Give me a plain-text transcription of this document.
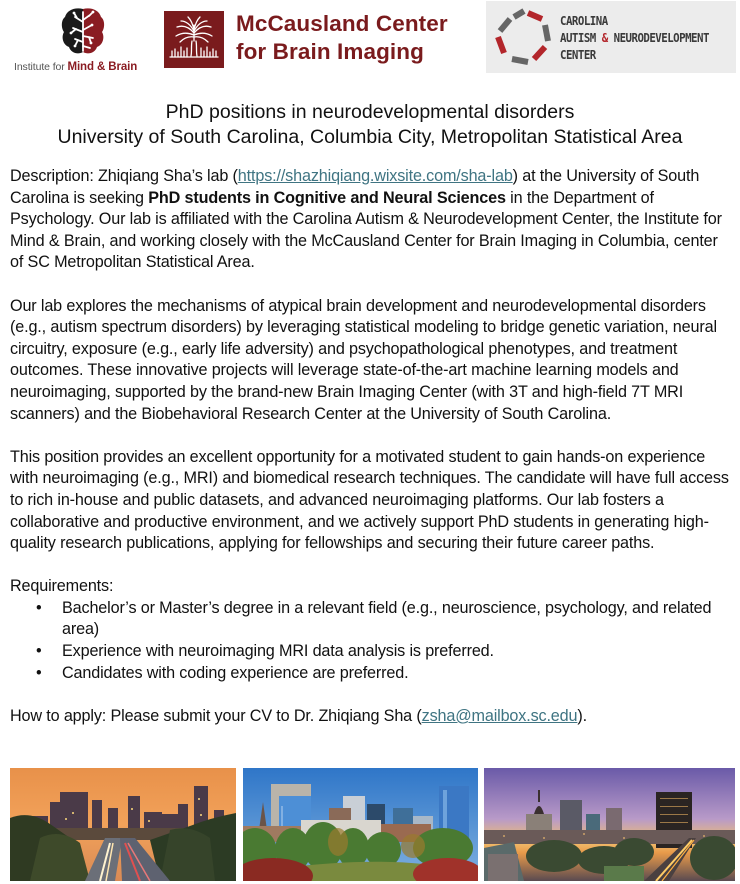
Institute for Mind & Brain
McCausland Center
for Brain Imaging
CAROLINA
AUTISM & NEURODEVELOPMENT
CENTER
PhD positions in neurodevelopmental disorders
University of South Carolina, Columbia City, Metropolitan Statistical Area

Description: Zhiqiang Sha’s lab (https://shazhiqiang.wixsite.com/sha-lab) at the University of South Carolina is seeking PhD students in Cognitive and Neural Sciences in the Department of Psychology. Our lab is affiliated with the Carolina Autism & Neurodevelopment Center, the Institute for Mind & Brain, and working closely with the McCausland Center for Brain Imaging in Columbia, center of SC Metropolitan Statistical Area.

Our lab explores the mechanisms of atypical brain development and neurodevelopmental disorders (e.g., autism spectrum disorders) by leveraging statistical modeling to bridge genetic variation, neural circuitry, exposure (e.g., early life adversity) and psychopathological phenotypes, and treatment outcomes. These innovative projects will leverage state-of-the-art machine learning models and neuroimaging, supported by the brand-new Brain Imaging Center (with 3T and high-field 7T MRI scanners) and the Biobehavioral Research Center at the University of South Carolina.

This position provides an excellent opportunity for a motivated student to gain hands-on experience with neuroimaging (e.g., MRI) and biomedical research techniques. The candidate will have full access to rich in-house and public datasets, and advanced neuroimaging platforms. Our lab fosters a collaborative and productive environment, and we actively support PhD students in generating high-quality research publications, applying for fellowships and securing their future career paths.

Requirements:
• Bachelor’s or Master’s degree in a relevant field (e.g., neuroscience, psychology, and related area)
• Experience with neuroimaging MRI data analysis is preferred.
• Candidates with coding experience are preferred.

How to apply: Please submit your CV to Dr. Zhiqiang Sha (zsha@mailbox.sc.edu).
